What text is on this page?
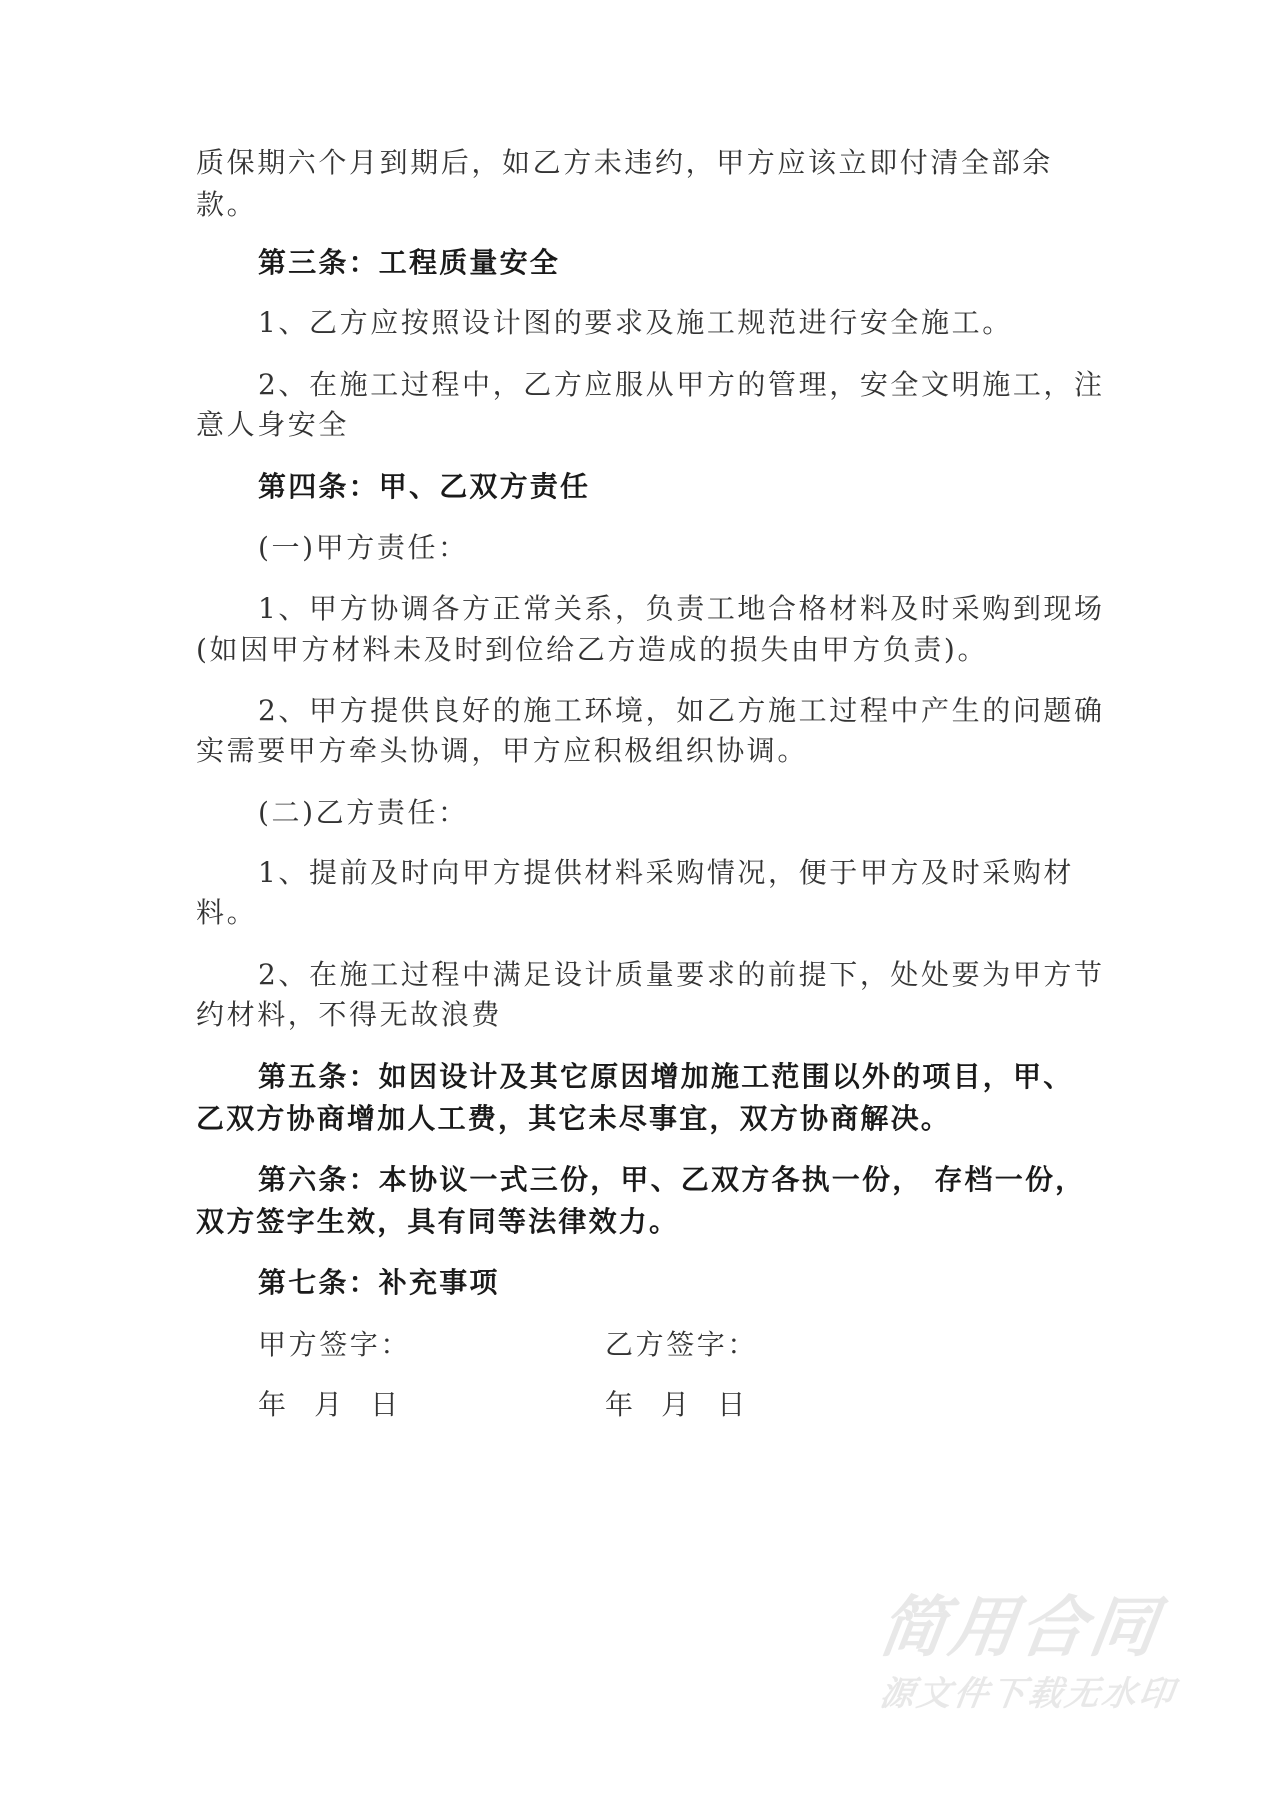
质保期六个月到期后，如乙方未违约，甲方应该立即付清全部余
款。
第三条：工程质量安全
1、乙方应按照设计图的要求及施工规范进行安全施工。
2、在施工过程中，乙方应服从甲方的管理，安全文明施工，注
意人身安全
第四条：甲、乙双方责任
(一)甲方责任：
1、甲方协调各方正常关系，负责工地合格材料及时采购到现场
(如因甲方材料未及时到位给乙方造成的损失由甲方负责)。
2、甲方提供良好的施工环境，如乙方施工过程中产生的问题确
实需要甲方牵头协调，甲方应积极组织协调。
(二)乙方责任：
1、提前及时向甲方提供材料采购情况，便于甲方及时采购材
料。
2、在施工过程中满足设计质量要求的前提下，处处要为甲方节
约材料，不得无故浪费
第五条：如因设计及其它原因增加施工范围以外的项目，甲、
乙双方协商增加人工费，其它未尽事宜，双方协商解决。
第六条：本协议一式三份，甲、乙双方各执一份， 存档一份，
双方签字生效，具有同等法律效力。
第七条：补充事项
甲方签字：	乙方签字：
年 月 日	年 月 日
简用合同
源文件下载无水印
